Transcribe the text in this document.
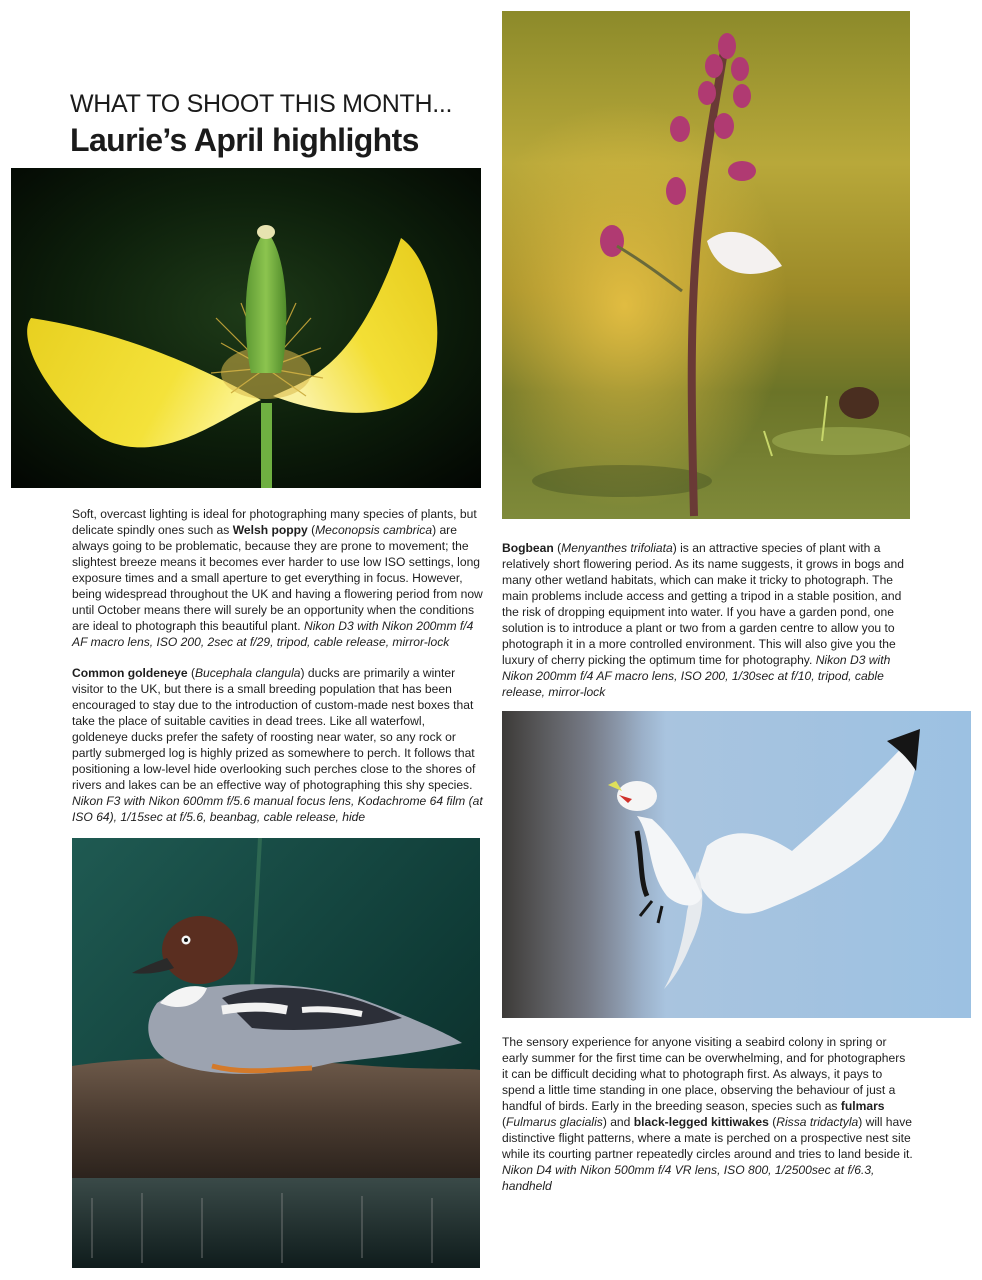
WHAT TO SHOOT THIS MONTH...
Laurie’s April highlights

Soft, overcast lighting is ideal for photographing many species of plants, but delicate spindly ones such as Welsh poppy (Meconopsis cambrica) are always going to be problematic, because they are prone to movement; the slightest breeze means it becomes ever harder to use low ISO settings, long exposure times and a small aperture to get everything in focus. However, being widespread throughout the UK and having a flowering period from now until October means there will surely be an opportunity when the conditions are ideal to photograph this beautiful plant. Nikon D3 with Nikon 200mm f/4 AF macro lens, ISO 200, 2sec at f/29, tripod, cable release, mirror-lock

Common goldeneye (Bucephala clangula) ducks are primarily a winter visitor to the UK, but there is a small breeding population that has been encouraged to stay due to the introduction of custom-made nest boxes that take the place of suitable cavities in dead trees. Like all waterfowl, goldeneye ducks prefer the safety of roosting near water, so any rock or partly submerged log is highly prized as somewhere to perch. It follows that positioning a low-level hide overlooking such perches close to the shores of rivers and lakes can be an effective way of photographing this shy species. Nikon F3 with Nikon 600mm f/5.6 manual focus lens, Kodachrome 64 film (at ISO 64), 1/15sec at f/5.6, beanbag, cable release, hide

Bogbean (Menyanthes trifoliata) is an attractive species of plant with a relatively short flowering period. As its name suggests, it grows in bogs and many other wetland habitats, which can make it tricky to photograph. The main problems include access and getting a tripod in a stable position, and the risk of dropping equipment into water. If you have a garden pond, one solution is to introduce a plant or two from a garden centre to allow you to photograph it in a more controlled environment. This will also give you the luxury of cherry picking the optimum time for photography. Nikon D3 with Nikon 200mm f/4 AF macro lens, ISO 200, 1/30sec at f/10, tripod, cable release, mirror-lock

The sensory experience for anyone visiting a seabird colony in spring or early summer for the first time can be overwhelming, and for photographers it can be difficult deciding what to photograph first. As always, it pays to spend a little time standing in one place, observing the behaviour of just a handful of birds. Early in the breeding season, species such as fulmars (Fulmarus glacialis) and black-legged kittiwakes (Rissa tridactyla) will have distinctive flight patterns, where a mate is perched on a prospective nest site while its courting partner repeatedly circles around and tries to land beside it. Nikon D4 with Nikon 500mm f/4 VR lens, ISO 800, 1/2500sec at f/6.3, handheld
